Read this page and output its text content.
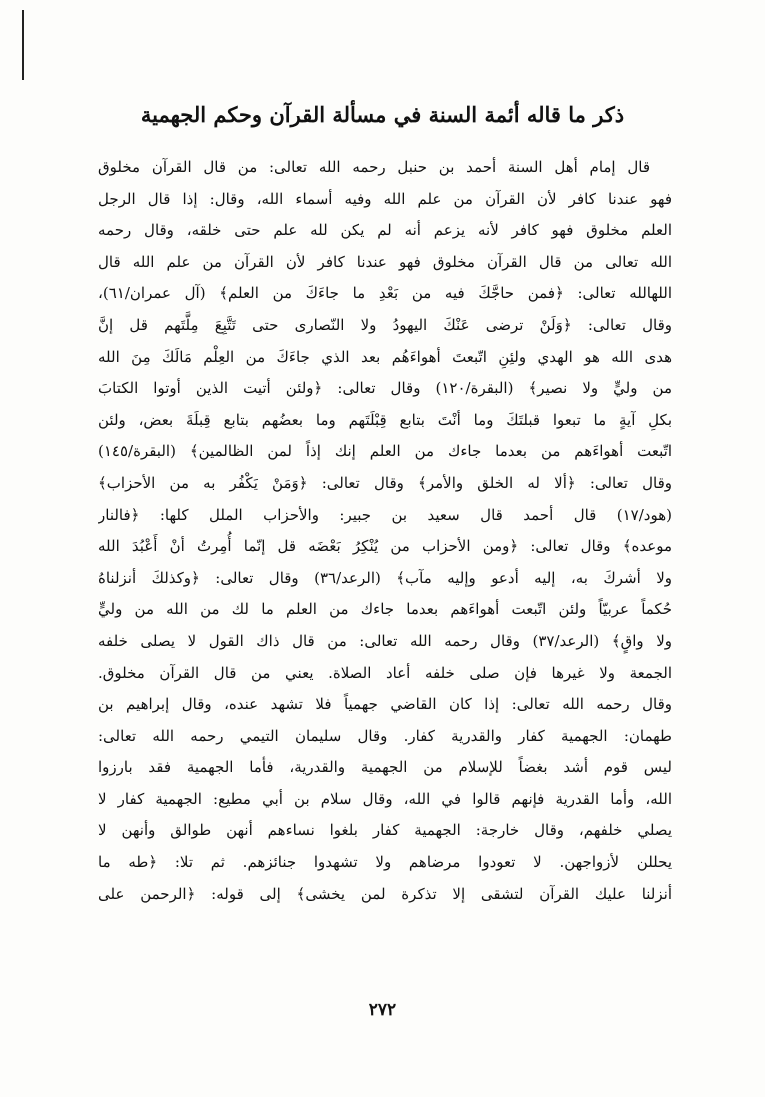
ذكر ما قاله أئمة السنة في مسألة القرآن وحكم الجهمية
قال إمام أهل السنة أحمد بن حنبل رحمه الله تعالى: من قال القرآن مخلوق
فهو عندنا كافر لأن القرآن من علم الله وفيه أسماء الله، وقال: إذا قال الرجل
العلم مخلوق فهو كافر لأنه يزعم أنه لم يكن لله علم حتى خلقه، وقال رحمه
الله تعالى من قال القرآن مخلوق فهو عندنا كافر لأن القرآن من علم الله قال
اللهالله تعالى: ﴿فمن حاجَّكَ فيه من بَعْدِ ما جاءَكَ من العلم﴾ (آل عمران/٦١)،
وقال تعالى: ﴿وَلَنْ ترضى عَنْكَ اليهودُ ولا النّصارى حتى تَتَّبِعَ مِلَّتَهم قل إنَّ
هدى الله هو الهدي ولئِنِ اتّبعتَ أهواءَهُم بعد الذي جاءَكَ من العِلْم مَالَكَ مِنَ الله
من وليٍّ ولا نصير﴾ (البقرة/١٢٠) وقال تعالى: ﴿ولئن أتيت الذين أوتوا الكتابَ
بكلِ آيةٍ ما تبعوا قبلتَكَ وما أنْتَ بتابع قِبْلَتَهم وما بعضُهم بتابع قِبلَةَ بعض، ولئن
اتّبعت أهواءَهم من بعدما جاءك من العلم إنك إذاً لمن الظالمين﴾ (البقرة/١٤٥)
وقال تعالى: ﴿ألا له الخلق والأمر﴾ وقال تعالى: ﴿وَمَنْ يَكْفُر به من الأحزاب﴾
(هود/١٧) قال أحمد قال سعيد بن جبير: والأحزاب الملل كلها: ﴿فالنار
موعده﴾ وقال تعالى: ﴿ومن الأحزاب من يُنْكِرُ بَعْضَه قل إنّما أُمِرتُ أنْ أَعْبُدَ الله
ولا أشركَ به، إليه أدعو وإليه مآب﴾ (الرعد/٣٦) وقال تعالى: ﴿وكذلكَ أنزلناهُ
حُكماً عربيّاً ولئن اتّبعت أهواءَهم بعدما جاءك من العلم ما لك من الله من وليٍّ
ولا واقٍ﴾ (الرعد/٣٧) وقال رحمه الله تعالى: من قال ذاك القول لا يصلى خلفه
الجمعة ولا غيرها فإن صلى خلفه أعاد الصلاة. يعني من قال القرآن مخلوق.
وقال رحمه الله تعالى: إذا كان القاضي جهمياً فلا تشهد عنده، وقال إبراهيم بن
طهمان: الجهمية كفار والقدرية كفار. وقال سليمان التيمي رحمه الله تعالى:
ليس قوم أشد بغضاً للإسلام من الجهمية والقدرية، فأما الجهمية فقد بارزوا
الله، وأما القدرية فإنهم قالوا في الله، وقال سلام بن أبي مطيع: الجهمية كفار لا
يصلي خلفهم، وقال خارجة: الجهمية كفار بلغوا نساءهم أنهن طوالق وأنهن لا
يحللن لأزواجهن. لا تعودوا مرضاهم ولا تشهدوا جنائزهم. ثم تلا: ﴿طه ما
أنزلنا عليك القرآن لتشقى إلا تذكرة لمن يخشى﴾ إلى قوله: ﴿الرحمن على
٢٧٢
